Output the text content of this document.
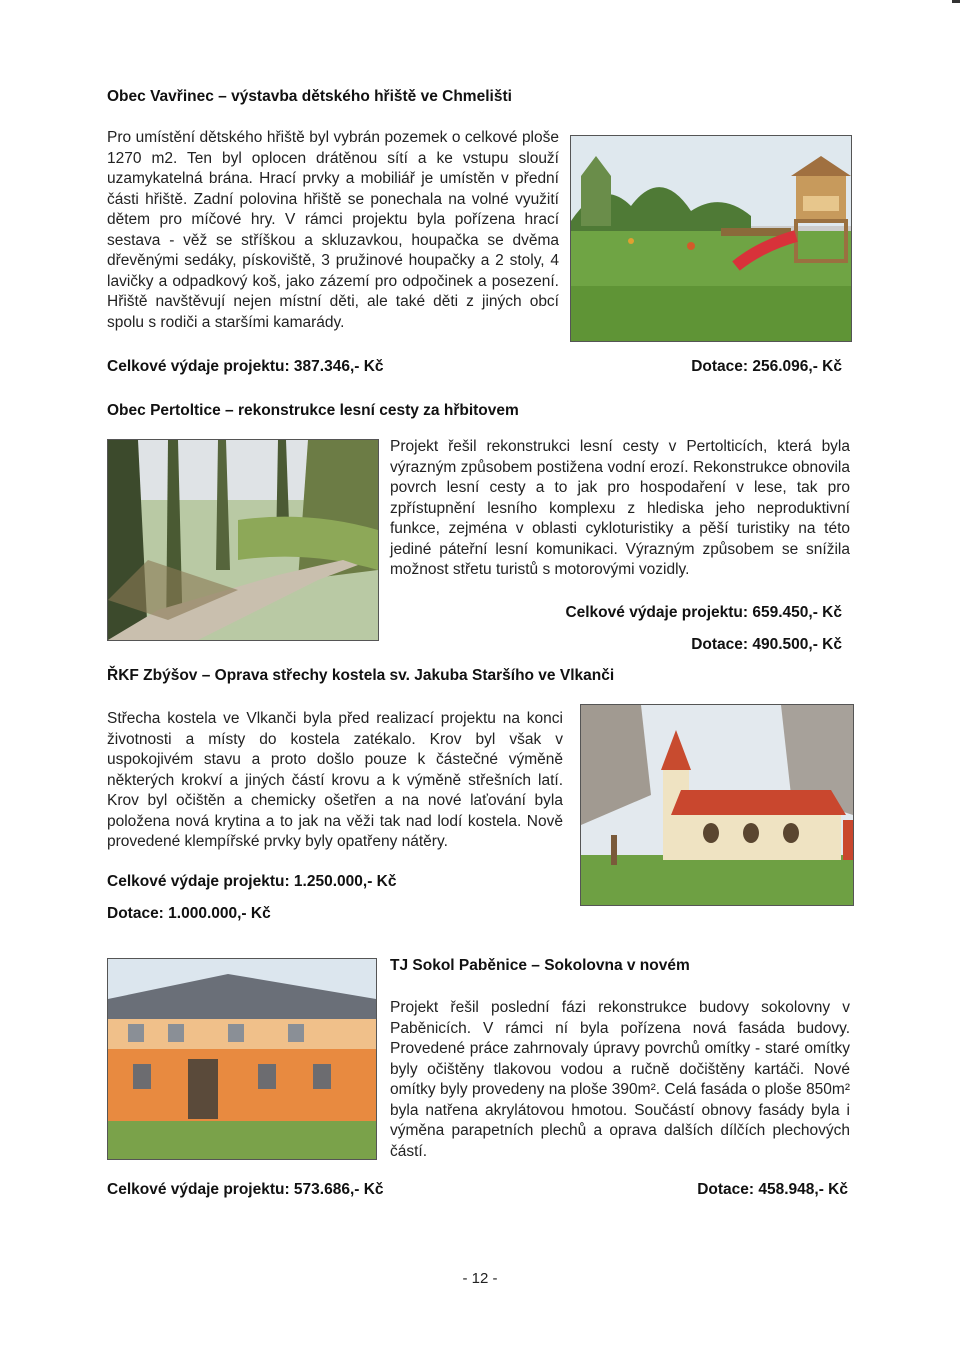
Obec Vavřinec – výstavba dětského hřiště ve Chmelišti
Pro umístění dětského hřiště byl vybrán pozemek o celkové ploše 1270 m2. Ten byl oplocen drátěnou sítí a ke vstupu slouží uzamykatelná brána. Hrací prvky a mobiliář je umístěn v přední části hřiště. Zadní polovina hřiště se ponechala na volné využití dětem pro míčové hry. V rámci projektu byla pořízena hrací sestava - věž se stříškou a skluzavkou, houpačka se dvěma dřevěnými sedáky, pískoviště, 3 pružinové houpačky a 2 stoly, 4 lavičky a odpadkový koš, jako zázemí pro odpočinek a posezení. Hřiště navštěvují nejen místní děti, ale také děti z jiných obcí spolu s rodiči a staršími kamarády.
Celkové výdaje projektu: 387.346,- Kč	Dotace: 256.096,- Kč
Obec Pertoltice – rekonstrukce lesní cesty za hřbitovem
Projekt řešil rekonstrukci lesní cesty v Pertolticích, která byla výrazným způsobem postižena vodní erozí. Rekonstrukce obnovila povrch lesní cesty a to jak pro hospodaření v lese, tak pro zpřístupnění lesního komplexu z hlediska jeho neproduktivní funkce, zejména v oblasti cykloturistiky a pěší turistiky na této jediné páteřní lesní komunikaci. Výrazným způsobem se snížila možnost střetu turistů s motorovými vozidly.
Celkové výdaje projektu: 659.450,- Kč
Dotace: 490.500,- Kč
ŘKF Zbýšov – Oprava střechy kostela sv. Jakuba Staršího ve Vlkanči
Střecha kostela ve Vlkanči byla před realizací projektu na konci životnosti a místy do kostela zatékalo. Krov byl však v uspokojivém stavu a proto došlo pouze k částečné výměně některých krokví a jiných částí krovu a k výměně střešních latí. Krov byl očištěn a chemicky ošetřen a na nové laťování byla položena nová krytina a to jak na věži tak nad lodí kostela. Nově provedené klempířské prvky byly opatřeny nátěry.
Celkové výdaje projektu: 1.250.000,- Kč
Dotace: 1.000.000,- Kč
TJ Sokol Paběnice – Sokolovna v novém
Projekt řešil poslední fázi rekonstrukce budovy sokolovny v Paběnicích. V rámci ní byla pořízena nová fasáda budovy. Provedené práce zahrnovaly úpravy povrchů omítky - staré omítky byly očištěny tlakovou vodou a ručně dočištěny kartáči. Nové omítky byly provedeny na ploše 390m². Celá fasáda o ploše 850m² byla natřena akrylátovou hmotou. Součástí obnovy fasády byla i výměna parapetních plechů a oprava dalších dílčích plechových částí.
Celkové výdaje projektu: 573.686,- Kč	Dotace: 458.948,- Kč
- 12 -
